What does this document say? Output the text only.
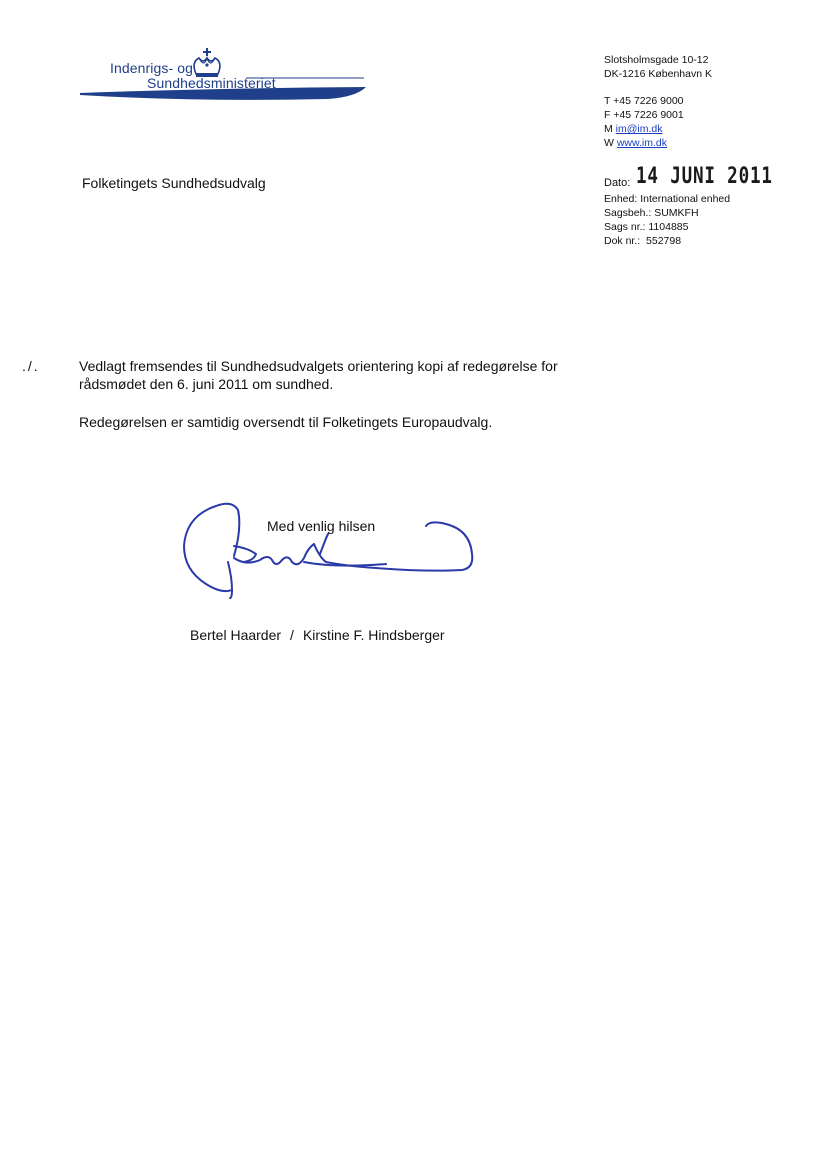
Indenrigs- og
Sundhedsministeriet
Slotsholmsgade 10-12
DK-1216 København K
T +45 7226 9000
F +45 7226 9001
M im@im.dk
W www.im.dk
Dato: 14 JUNI 2011
Enhed: International enhed
Sagsbeh.: SUMKFH
Sags nr.: 1104885
Dok nr.:  552798
Folketingets Sundhedsudvalg
./.	Vedlagt fremsendes til Sundhedsudvalgets orientering kopi af redegørelse for rådsmødet den 6. juni 2011 om sundhed.
Redegørelsen er samtidig oversendt til Folketingets Europaudvalg.
Med venlig hilsen
Bertel Haarder / Kirstine F. Hindsberger
